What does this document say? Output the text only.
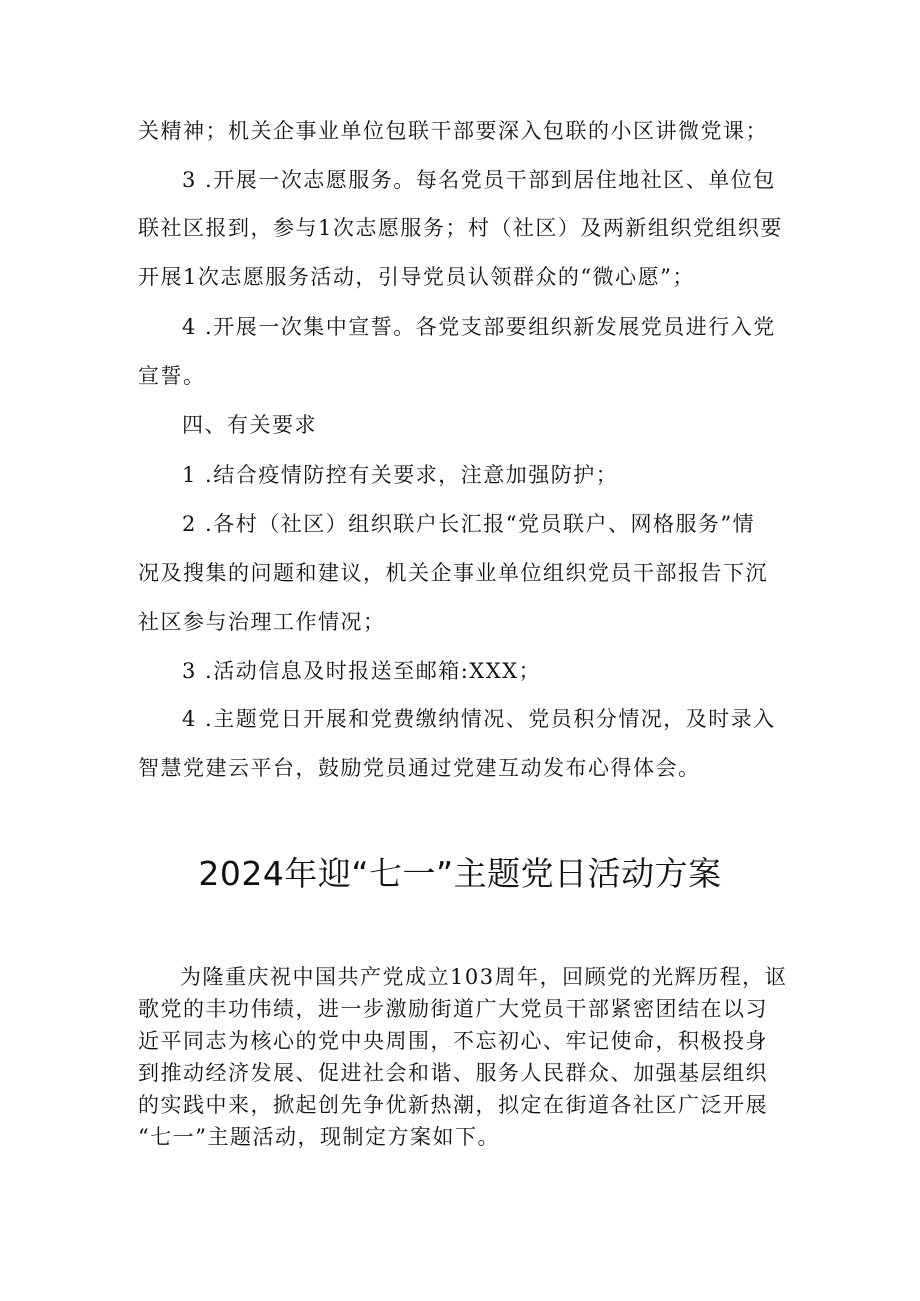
关精神；机关企事业单位包联干部要深入包联的小区讲微党课；
3 .开展一次志愿服务。每名党员干部到居住地社区、单位包
联社区报到，参与1次志愿服务；村（社区）及两新组织党组织要
开展1次志愿服务活动，引导党员认领群众的“微心愿”；
4 .开展一次集中宣誓。各党支部要组织新发展党员进行入党
宣誓。
四、有关要求
1 .结合疫情防控有关要求，注意加强防护；
2 .各村（社区）组织联户长汇报“党员联户、网格服务”情
况及搜集的问题和建议，机关企事业单位组织党员干部报告下沉
社区参与治理工作情况；
3 .活动信息及时报送至邮箱:XXX；
4 .主题党日开展和党费缴纳情况、党员积分情况，及时录入
智慧党建云平台，鼓励党员通过党建互动发布心得体会。
2024年迎“七一”主题党日活动方案
为隆重庆祝中国共产党成立103周年，回顾党的光辉历程，讴
歌党的丰功伟绩，进一步激励街道广大党员干部紧密团结在以习
近平同志为核心的党中央周围，不忘初心、牢记使命，积极投身
到推动经济发展、促进社会和谐、服务人民群众、加强基层组织
的实践中来，掀起创先争优新热潮，拟定在街道各社区广泛开展
“七一”主题活动，现制定方案如下。
